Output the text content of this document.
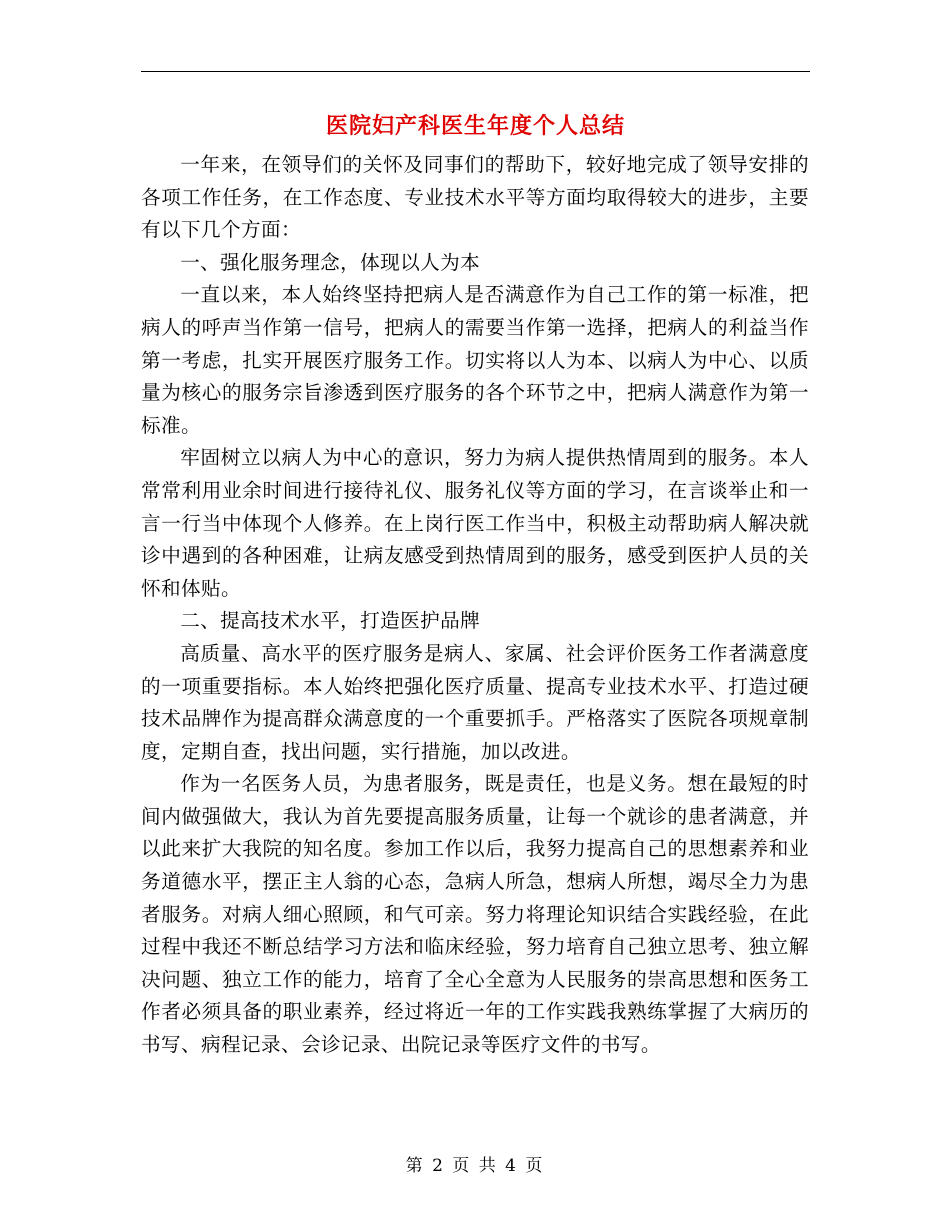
医院妇产科医生年度个人总结

一年来，在领导们的关怀及同事们的帮助下，较好地完成了领导安排的各项工作任务，在工作态度、专业技术水平等方面均取得较大的进步，主要有以下几个方面：

一、强化服务理念，体现以人为本

一直以来，本人始终坚持把病人是否满意作为自己工作的第一标准，把病人的呼声当作第一信号，把病人的需要当作第一选择，把病人的利益当作第一考虑，扎实开展医疗服务工作。切实将以人为本、以病人为中心、以质量为核心的服务宗旨渗透到医疗服务的各个环节之中，把病人满意作为第一标准。

牢固树立以病人为中心的意识，努力为病人提供热情周到的服务。本人常常利用业余时间进行接待礼仪、服务礼仪等方面的学习，在言谈举止和一言一行当中体现个人修养。在上岗行医工作当中，积极主动帮助病人解决就诊中遇到的各种困难，让病友感受到热情周到的服务，感受到医护人员的关怀和体贴。

二、提高技术水平，打造医护品牌

高质量、高水平的医疗服务是病人、家属、社会评价医务工作者满意度的一项重要指标。本人始终把强化医疗质量、提高专业技术水平、打造过硬技术品牌作为提高群众满意度的一个重要抓手。严格落实了医院各项规章制度，定期自查，找出问题，实行措施，加以改进。

作为一名医务人员，为患者服务，既是责任，也是义务。想在最短的时间内做强做大，我认为首先要提高服务质量，让每一个就诊的患者满意，并以此来扩大我院的知名度。参加工作以后，我努力提高自己的思想素养和业务道德水平，摆正主人翁的心态，急病人所急，想病人所想，竭尽全力为患者服务。对病人细心照顾，和气可亲。努力将理论知识结合实践经验，在此过程中我还不断总结学习方法和临床经验，努力培育自己独立思考、独立解决问题、独立工作的能力，培育了全心全意为人民服务的崇高思想和医务工作者必须具备的职业素养，经过将近一年的工作实践我熟练掌握了大病历的书写、病程记录、会诊记录、出院记录等医疗文件的书写。

第 2 页 共 4 页
